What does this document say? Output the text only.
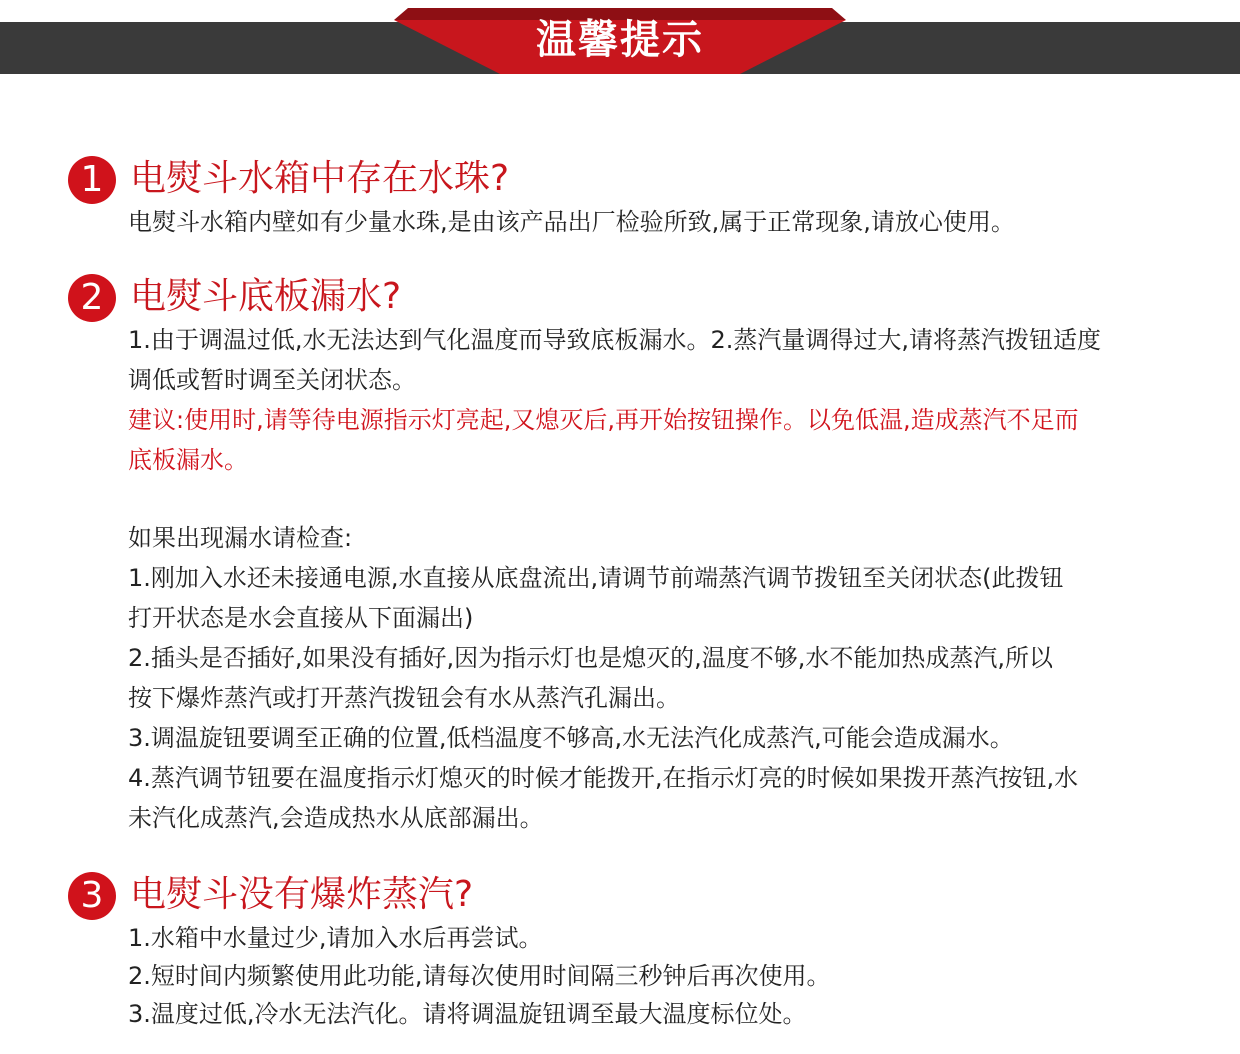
温馨提示
1 电熨斗水箱中存在水珠?
电熨斗水箱内壁如有少量水珠,是由该产品出厂检验所致,属于正常现象,请放心使用。
2 电熨斗底板漏水?
1.由于调温过低,水无法达到气化温度而导致底板漏水。2.蒸汽量调得过大,请将蒸汽拨钮适度
调低或暂时调至关闭状态。
建议:使用时,请等待电源指示灯亮起,又熄灭后,再开始按钮操作。以免低温,造成蒸汽不足而
底板漏水。
如果出现漏水请检查:
1.刚加入水还未接通电源,水直接从底盘流出,请调节前端蒸汽调节拨钮至关闭状态(此拨钮
打开状态是水会直接从下面漏出)
2.插头是否插好,如果没有插好,因为指示灯也是熄灭的,温度不够,水不能加热成蒸汽,所以
按下爆炸蒸汽或打开蒸汽拨钮会有水从蒸汽孔漏出。
3.调温旋钮要调至正确的位置,低档温度不够高,水无法汽化成蒸汽,可能会造成漏水。
4.蒸汽调节钮要在温度指示灯熄灭的时候才能拨开,在指示灯亮的时候如果拨开蒸汽按钮,水
未汽化成蒸汽,会造成热水从底部漏出。
3 电熨斗没有爆炸蒸汽?
1.水箱中水量过少,请加入水后再尝试。
2.短时间内频繁使用此功能,请每次使用时间隔三秒钟后再次使用。
3.温度过低,冷水无法汽化。请将调温旋钮调至最大温度标位处。
